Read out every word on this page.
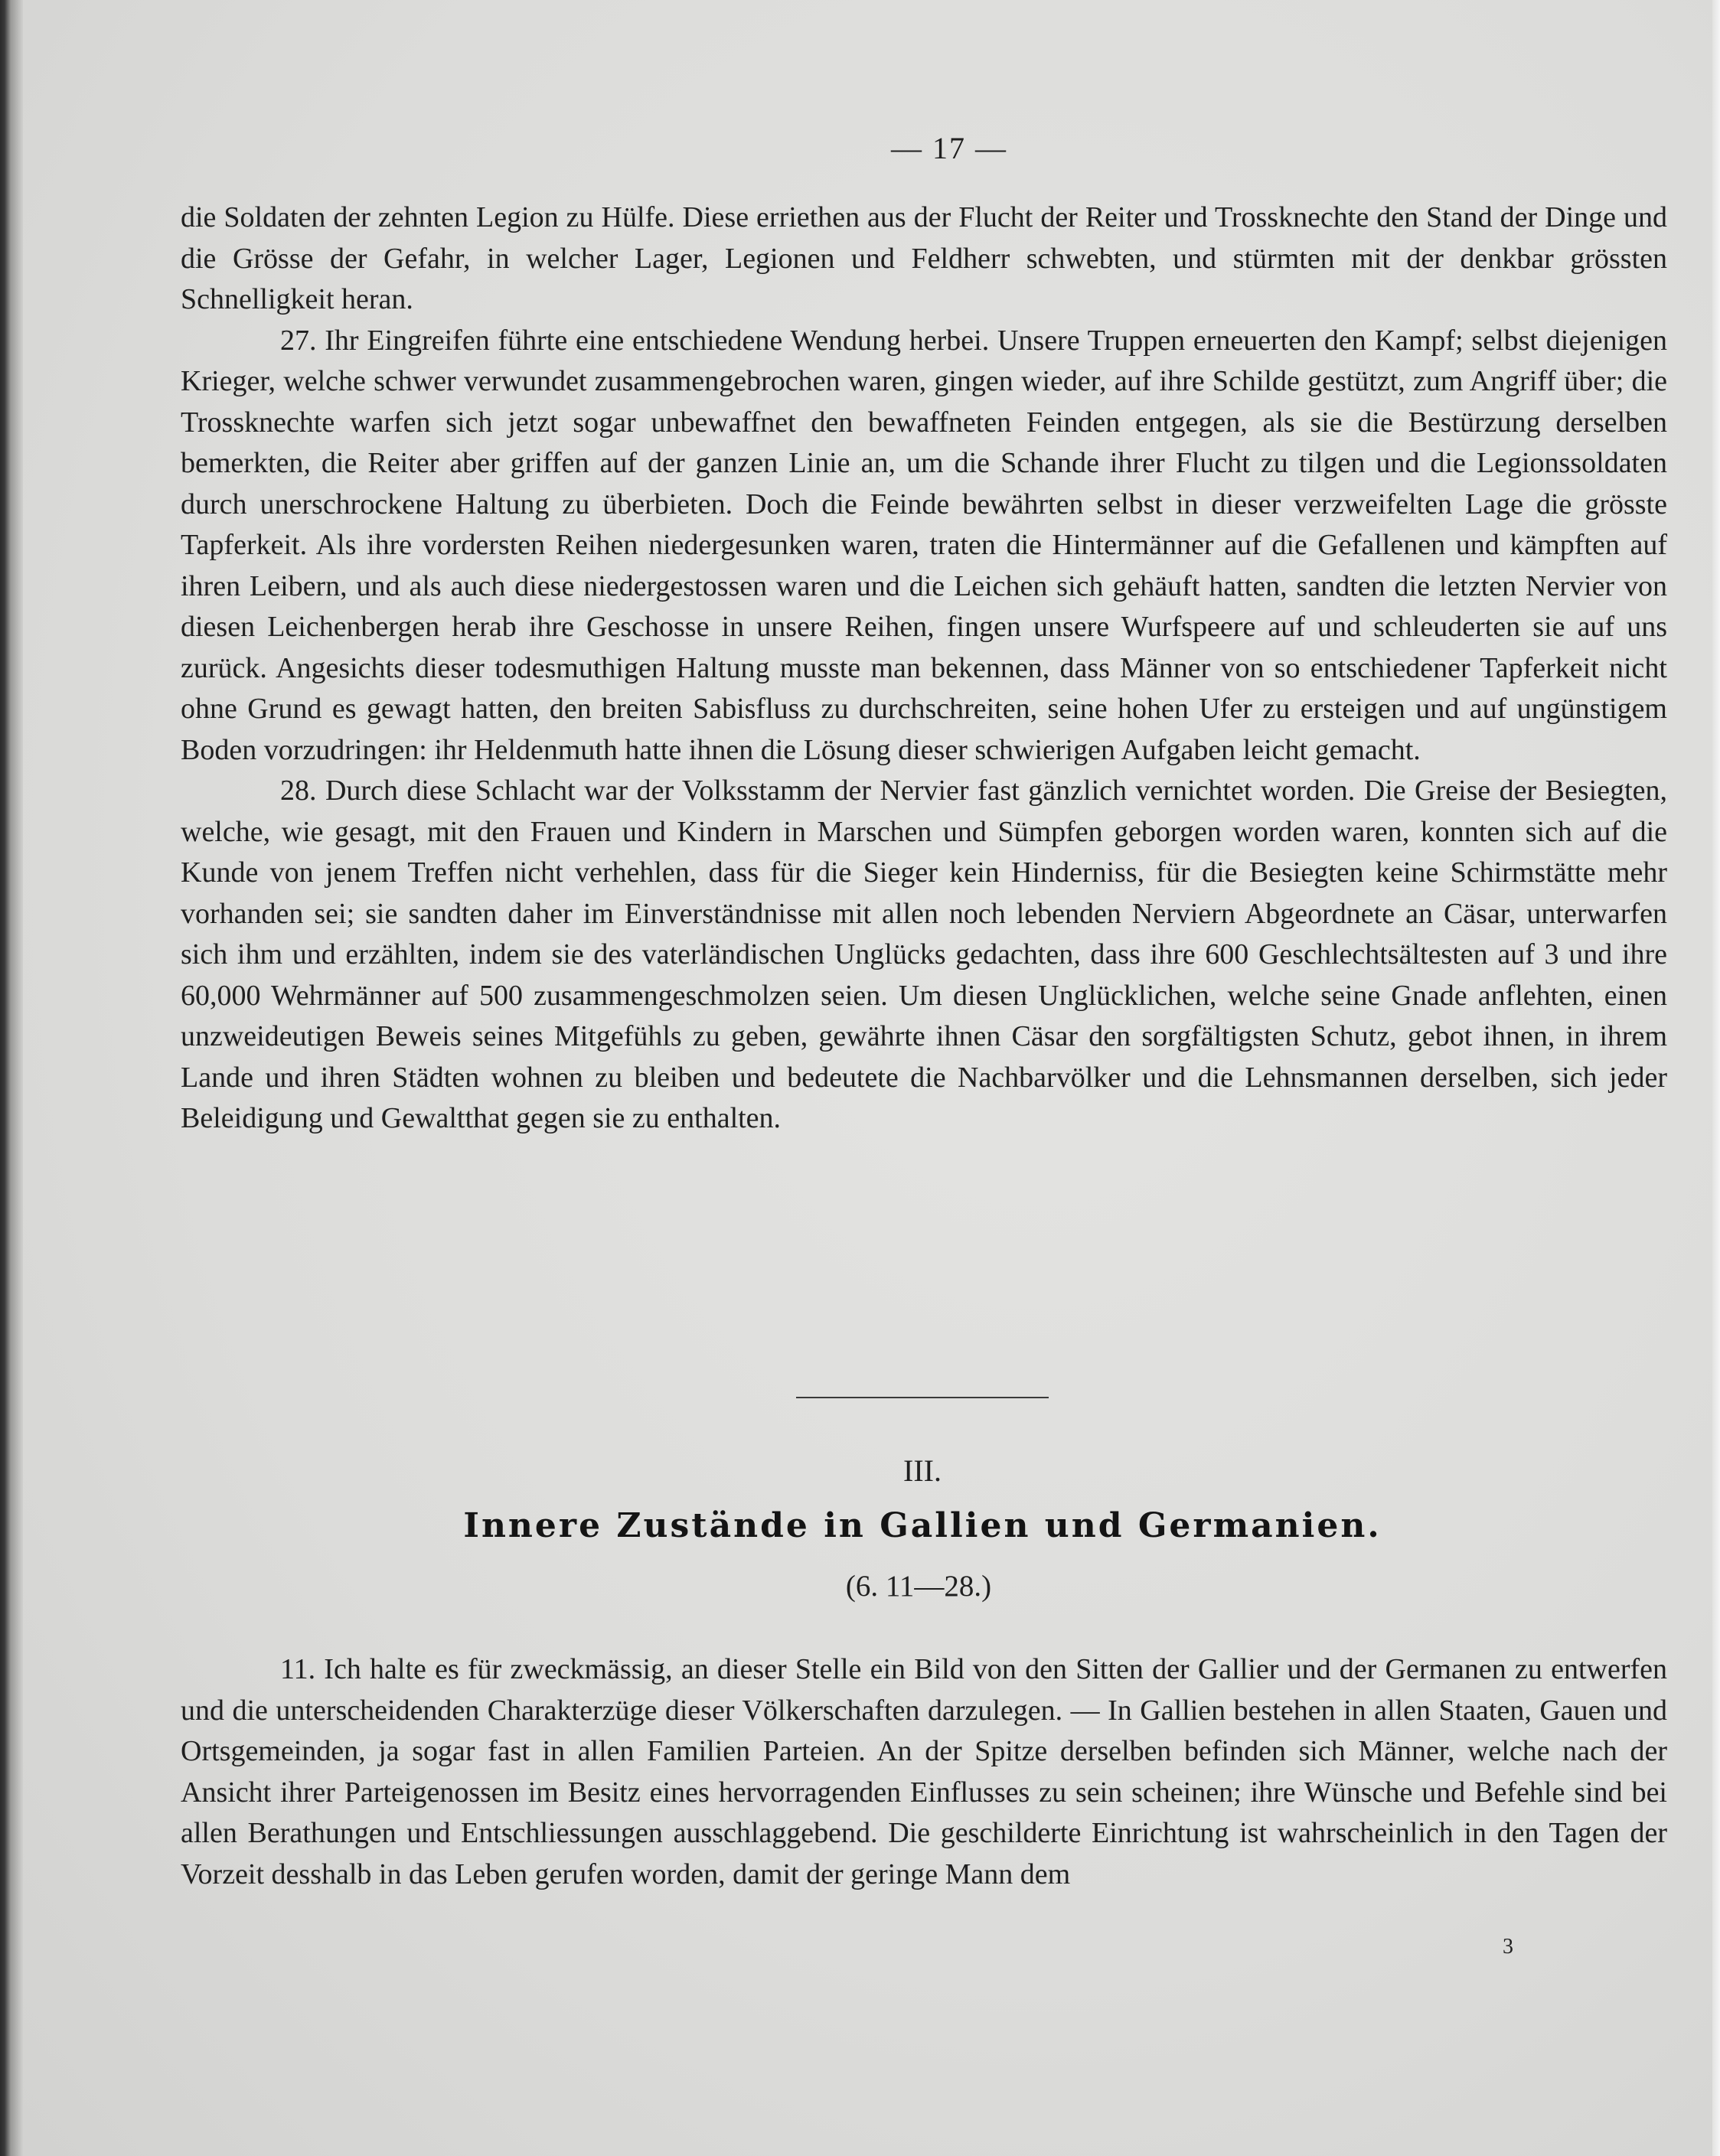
— 17 —

die Soldaten der zehnten Legion zu Hülfe. Diese erriethen aus der Flucht der Reiter und Trossknechte den Stand der Dinge und die Grösse der Gefahr, in welcher Lager, Legionen und Feldherr schwebten, und stürmten mit der denkbar grössten Schnelligkeit heran.

27. Ihr Eingreifen führte eine entschiedene Wendung herbei. Unsere Truppen erneuerten den Kampf; selbst diejenigen Krieger, welche schwer verwundet zusammengebrochen waren, gingen wieder, auf ihre Schilde gestützt, zum Angriff über; die Trossknechte warfen sich jetzt sogar unbewaffnet den bewaffneten Feinden entgegen, als sie die Bestürzung derselben bemerkten, die Reiter aber griffen auf der ganzen Linie an, um die Schande ihrer Flucht zu tilgen und die Legionssoldaten durch unerschrockene Haltung zu überbieten. Doch die Feinde bewährten selbst in dieser verzweifelten Lage die grösste Tapferkeit. Als ihre vordersten Reihen niedergesunken waren, traten die Hintermänner auf die Gefallenen und kämpften auf ihren Leibern, und als auch diese niedergestossen waren und die Leichen sich gehäuft hatten, sandten die letzten Nervier von diesen Leichenbergen herab ihre Geschosse in unsere Reihen, fingen unsere Wurfspeere auf und schleuderten sie auf uns zurück. Angesichts dieser todesmuthigen Haltung musste man bekennen, dass Männer von so entschiedener Tapferkeit nicht ohne Grund es gewagt hatten, den breiten Sabisfluss zu durchschreiten, seine hohen Ufer zu ersteigen und auf ungünstigem Boden vorzudringen: ihr Heldenmuth hatte ihnen die Lösung dieser schwierigen Aufgaben leicht gemacht.

28. Durch diese Schlacht war der Volksstamm der Nervier fast gänzlich vernichtet worden. Die Greise der Besiegten, welche, wie gesagt, mit den Frauen und Kindern in Marschen und Sümpfen geborgen worden waren, konnten sich auf die Kunde von jenem Treffen nicht verhehlen, dass für die Sieger kein Hinderniss, für die Besiegten keine Schirmstätte mehr vorhanden sei; sie sandten daher im Einverständnisse mit allen noch lebenden Nerviern Abgeordnete an Cäsar, unterwarfen sich ihm und erzählten, indem sie des vaterländischen Unglücks gedachten, dass ihre 600 Geschlechtsältesten auf 3 und ihre 60,000 Wehrmänner auf 500 zusammengeschmolzen seien. Um diesen Unglücklichen, welche seine Gnade anflehten, einen unzweideutigen Beweis seines Mitgefühls zu geben, gewährte ihnen Cäsar den sorgfältigsten Schutz, gebot ihnen, in ihrem Lande und ihren Städten wohnen zu bleiben und bedeutete die Nachbarvölker und die Lehnsmannen derselben, sich jeder Beleidigung und Gewaltthat gegen sie zu enthalten.

III.
Innere Zustände in Gallien und Germanien.
(6. 11—28.)

11. Ich halte es für zweckmässig, an dieser Stelle ein Bild von den Sitten der Gallier und der Germanen zu entwerfen und die unterscheidenden Charakterzüge dieser Völkerschaften darzulegen. — In Gallien bestehen in allen Staaten, Gauen und Ortsgemeinden, ja sogar fast in allen Familien Parteien. An der Spitze derselben befinden sich Männer, welche nach der Ansicht ihrer Parteigenossen im Besitz eines hervorragenden Einflusses zu sein scheinen; ihre Wünsche und Befehle sind bei allen Berathungen und Entschliessungen ausschlaggebend. Die geschilderte Einrichtung ist wahrscheinlich in den Tagen der Vorzeit desshalb in das Leben gerufen worden, damit der geringe Mann dem

3
